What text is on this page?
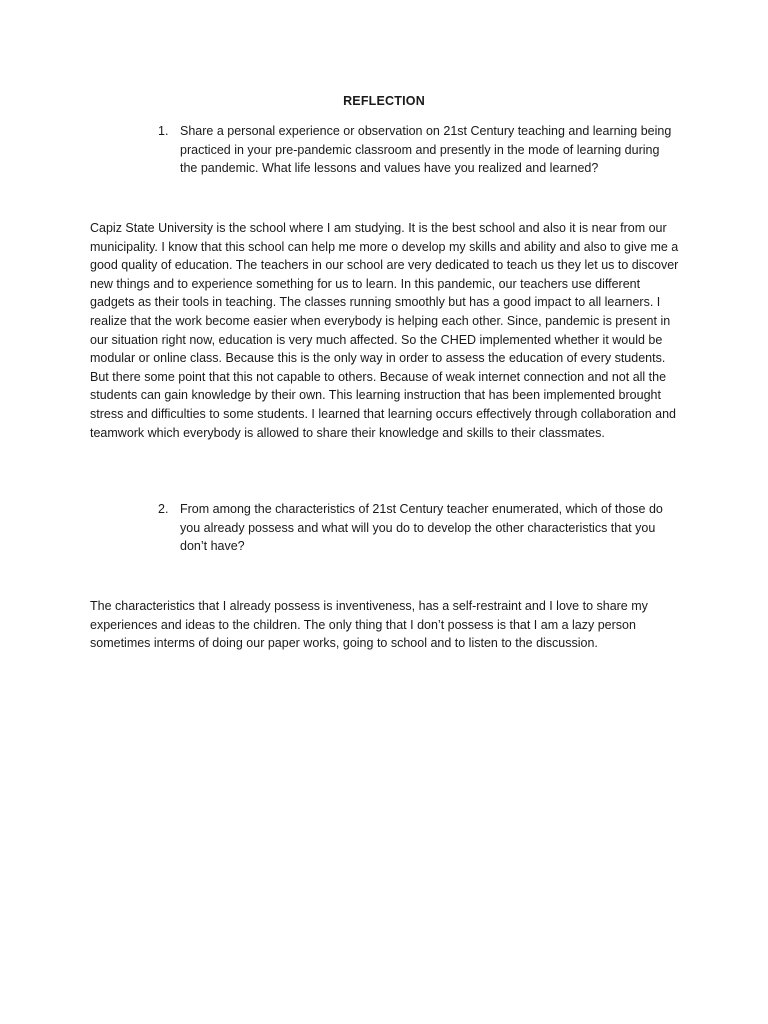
REFLECTION
1. Share a personal experience or observation on 21st Century teaching and learning being practiced in your pre-pandemic classroom and presently in the mode of learning during the pandemic. What life lessons and values have you realized and learned?

Capiz State University is the school where I am studying. It is the best school and also it is near from our municipality. I know that this school can help me more o develop my skills and ability and also to give me a good quality of education. The teachers in our school are very dedicated to teach us they let us to discover new things and to experience something for us to learn. In this pandemic, our teachers use different gadgets as their tools in teaching. The classes running smoothly but has a good impact to all learners. I realize that the work become easier when everybody is helping each other. Since, pandemic is present in our situation right now, education is very much affected. So the CHED implemented whether it would be modular or online class. Because this is the only way in order to assess the education of every students. But there some point that this not capable to others. Because of weak internet connection and not all the students can gain knowledge by their own. This learning instruction that has been implemented brought stress and difficulties to some students. I learned that learning occurs effectively through collaboration and teamwork which everybody is allowed to share their knowledge and skills to their classmates.

2. From among the characteristics of 21st Century teacher enumerated, which of those do you already possess and what will you do to develop the other characteristics that you don’t have?

The characteristics that I already possess is inventiveness, has a self-restraint and I love to share my experiences and ideas to the children. The only thing that I don’t possess is that I am a lazy person sometimes interms of doing our paper works, going to school and to listen to the discussion.
